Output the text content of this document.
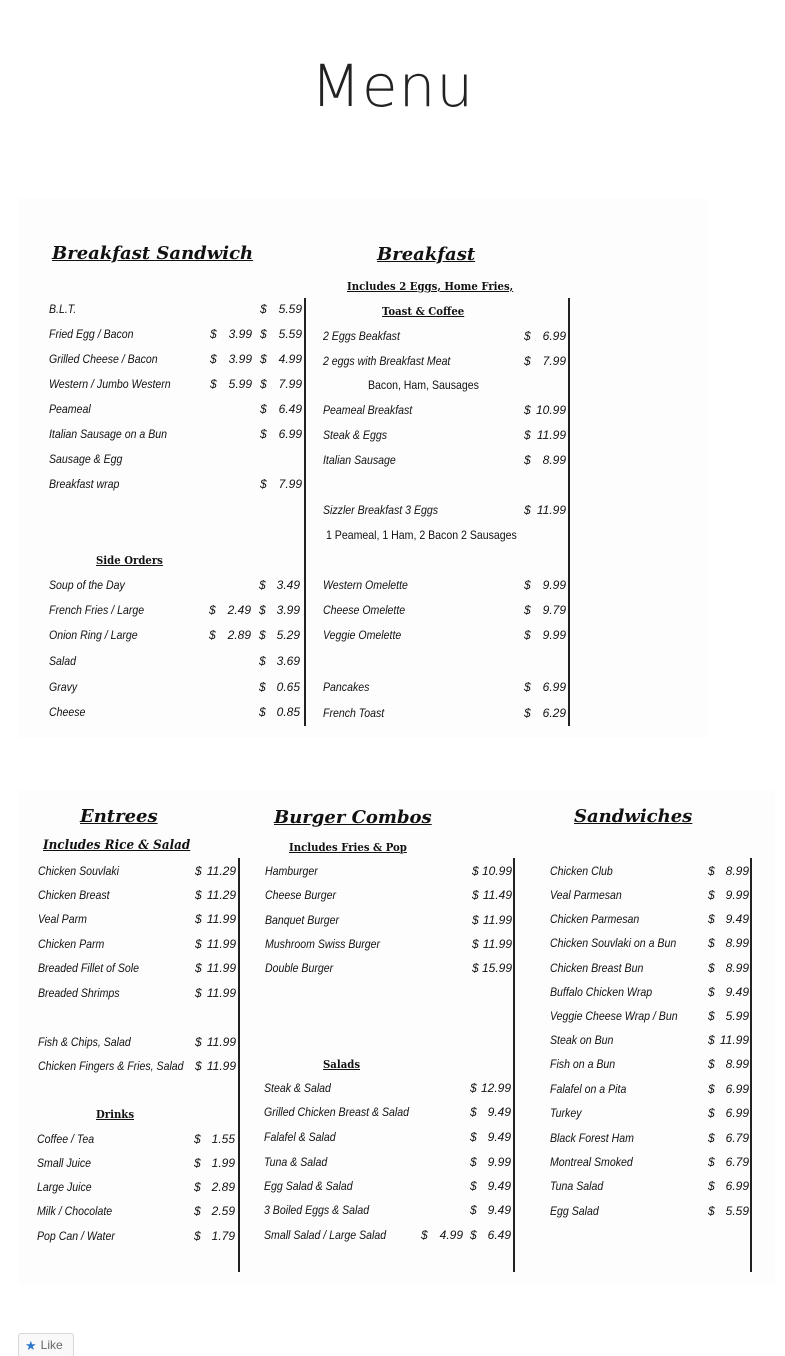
Menu
Breakfast Sandwich	Breakfast
Includes 2 Eggs, Home Fries,
Toast & Coffee
Side Orders
Bacon, Ham, Sausages
1 Peameal, 1 Ham, 2 Bacon 2 Sausages
Entrees
Includes Rice & Salad
Drinks
Burger Combos
Includes Fries & Pop
Salads
Sandwiches
B.L.T.	$ 5.59
Fried Egg / Bacon	$ 3.99 $ 5.59
Grilled Cheese / Bacon	$ 3.99 $ 4.99
Western / Jumbo Western	$ 5.99 $ 7.99
Peameal	$ 6.49
Italian Sausage on a Bun	$ 6.99
Sausage & Egg
Breakfast wrap	$ 7.99
Soup of the Day	$ 3.49
French Fries / Large	$ 2.49 $ 3.99
Onion Ring / Large	$ 2.89 $ 5.29
Salad	$ 3.69
Gravy	$ 0.65
Cheese	$ 0.85
2 Eggs Beakfast	$ 6.99
2 eggs with Breakfast Meat	$ 7.99
Peameal Breakfast	$ 10.99
Steak & Eggs	$ 11.99
Italian Sausage	$ 8.99
Sizzler Breakfast 3 Eggs	$ 11.99
Western Omelette	$ 9.99
Cheese Omelette	$ 9.79
Veggie Omelette	$ 9.99
Pancakes	$ 6.99
French Toast	$ 6.29
Chicken Souvlaki	$ 11.29
Chicken Breast	$ 11.29
Veal Parm	$ 11.99
Chicken Parm	$ 11.99
Breaded Fillet of Sole	$ 11.99
Breaded Shrimps	$ 11.99
Fish & Chips, Salad	$ 11.99
Chicken Fingers & Fries, Salad $ 11.99
Coffee / Tea	$ 1.55
Small Juice	$ 1.99
Large Juice	$ 2.89
Milk / Chocolate	$ 2.59
Pop Can / Water	$ 1.79
Hamburger	$ 10.99
Cheese Burger	$ 11.49
Banquet Burger	$ 11.99
Mushroom Swiss Burger	$ 11.99
Double Burger	$ 15.99
Steak & Salad	$ 12.99
Grilled Chicken Breast & Salad	$ 9.49
Falafel & Salad	$ 9.49
Tuna & Salad	$ 9.99
Egg Salad & Salad	$ 9.49
3 Boiled Eggs & Salad	$ 9.49
Small Salad / Large Salad	$ 4.99 $ 6.49
Chicken Club	$ 8.99
Veal Parmesan	$ 9.99
Chicken Parmesan	$ 9.49
Chicken Souvlaki on a Bun	$ 8.99
Chicken Breast Bun	$ 8.99
Buffalo Chicken Wrap	$ 9.49
Veggie Cheese Wrap / Bun	$ 5.99
Steak on Bun	$ 11.99
Fish on a Bun	$ 8.99
Falafel on a Pita	$ 6.99
Turkey	$ 6.99
Black Forest Ham	$ 6.79
Montreal Smoked	$ 6.79
Tuna Salad	$ 6.99
Egg Salad	$ 5.59
★ Like
